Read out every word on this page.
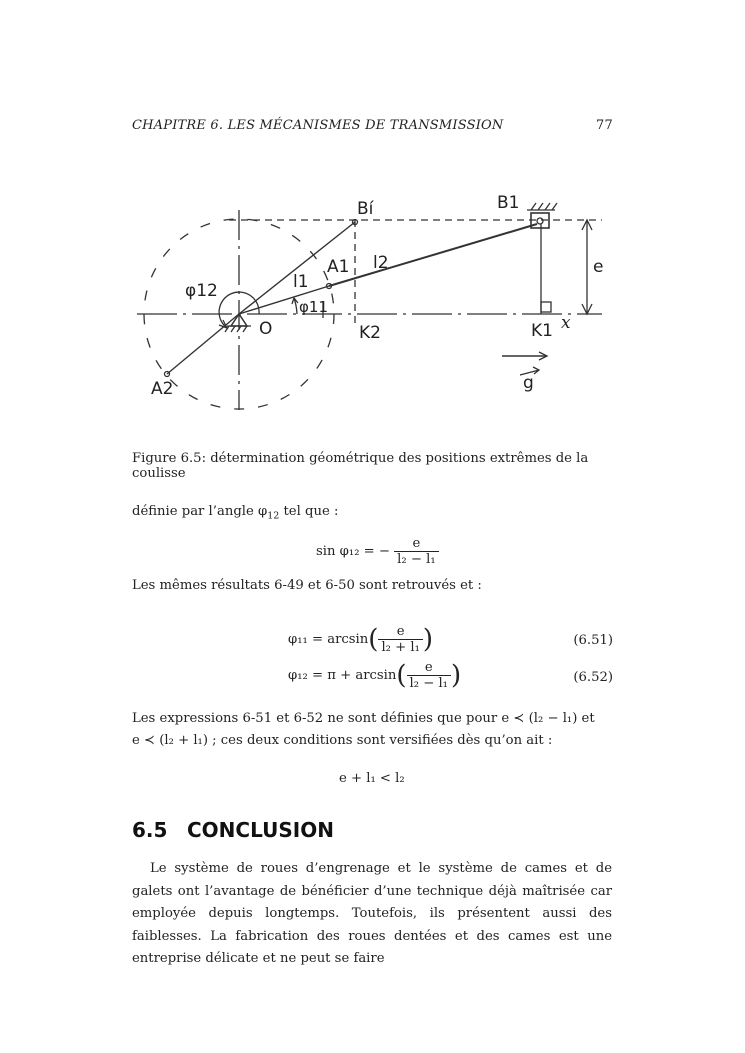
CHAPITRE 6. LES MÉCANISMES DE TRANSMISSION	77
Bí	B1
A1 l2
l1
φ12
φ11
O	K2	K1 x
e
A2	g
Figure 6.5: détermination géométrique des positions extrêmes de la coulisse
définie par l’angle $\varphi_{12}$ tel que :
sin φ₁₂ = − $\frac{e}{\text{l₂ − l₁}}$
Les mêmes résultats 6-49 et 6-50 sont retrouvés et :
$\varphi_{11} = \arcsin( \frac{e}{\text{l₂ + l₁}}$ )	(6.51)
$\varphi_{12} = \pi + \arcsin( \frac{e}{\text{l₂ − l₁}}$ )	(6.52)
Les expressions 6-51 et 6-52 ne sont définies que pour e ≺ (l₂ − l₁) et
e ≺ (l₂ + l₁) ; ces deux conditions sont versifiées dès qu’on ait :
e + l₁ < l₂
6.5 CONCLUSION
Le système de roues d’engrenage et le système de cames et de galets ont l’avantage de bénéficier d’une technique déjà maîtrisée car employée depuis longtemps. Toutefois, ils présentent aussi des faiblesses. La fabrication des roues dentées et des cames est une entreprise délicate et ne peut se faire
